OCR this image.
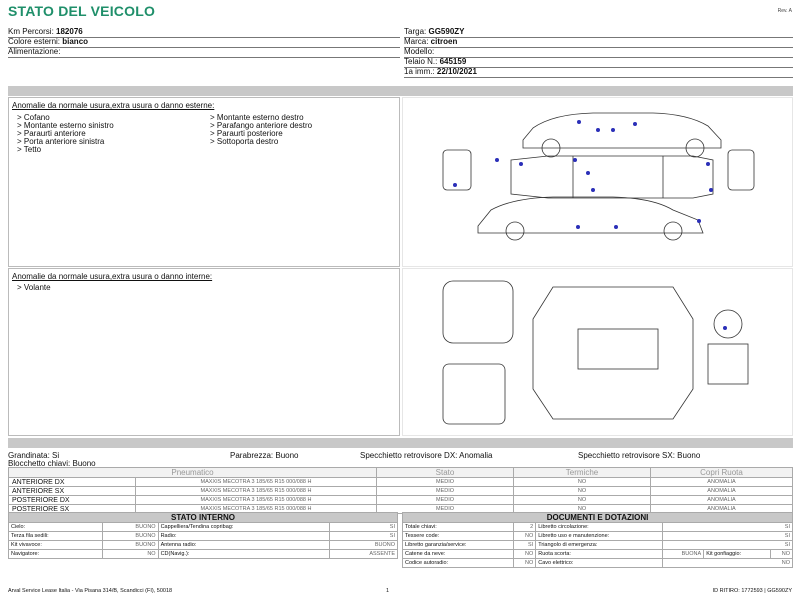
STATO DEL VEICOLO	Rev. A
Km Percorsi: 182076
Colore esterni: bianco
Alimentazione:
Targa: GG590ZY
Marca: citroen
Modello:
Telaio N.: 645159
1a imm.: 22/10/2021
Anomalie da normale usura,extra usura o danno esterne:
> Cofano
> Montante esterno sinistro
> Paraurti anteriore
> Porta anteriore sinistra
> Tetto
> Montante esterno destro
> Parafango anteriore destro
> Paraurti posteriore
> Sottoporta destro
Anomalie da normale usura,extra usura o danno interne:
> Volante
Grandinata: Si	Parabrezza: Buono	Specchietto retrovisore DX: Anomalia	Specchietto retrovisore SX: Buono
Blocchetto chiavi: Buono
Pneumatico		Stato	Termiche	Copri Ruota
ANTERIORE DX	MAXXIS MECOTRA 3 185/65 R15 000/088 H	MEDIO	NO	ANOMALIA
ANTERIORE SX	MAXXIS MECOTRA 3 185/65 R15 000/088 H	MEDIO	NO	ANOMALIA
POSTERIORE DX	MAXXIS MECOTRA 3 185/65 R15 000/088 H	MEDIO	NO	ANOMALIA
POSTERIORE SX	MAXXIS MECOTRA 3 185/65 R15 000/088 H	MEDIO	NO	ANOMALIA
STATO INTERNO			
Cielo:	BUONO	Cappelliera/Tendina copribag:	SI
Terza fila sedili:	BUONO	Radio:	SI
Kit vivavoce:	BUONO	Antenna radio:	BUONO
Navigatore:	NO	CD(Navig.):	ASSENTE
DOCUMENTI E DOTAZIONI					
Totale chiavi:	2	Libretto circolazione:	SI		
Tessere code:	NO	Libretto uso e manutenzione:	SI		
Libretto garanzia/service:	SI	Triangolo di emergenza:	SI		
Catene da neve:	NO	Ruota scorta:	BUONA	Kit gonfiaggio:	NO
Codice autoradio:	NO	Cavo elettrico:	NO		
Arval Service Lease Italia - Via Pisana 314/B, Scandicci (FI), 50018	1	ID RITIRO: 1772593 | GG590ZY
